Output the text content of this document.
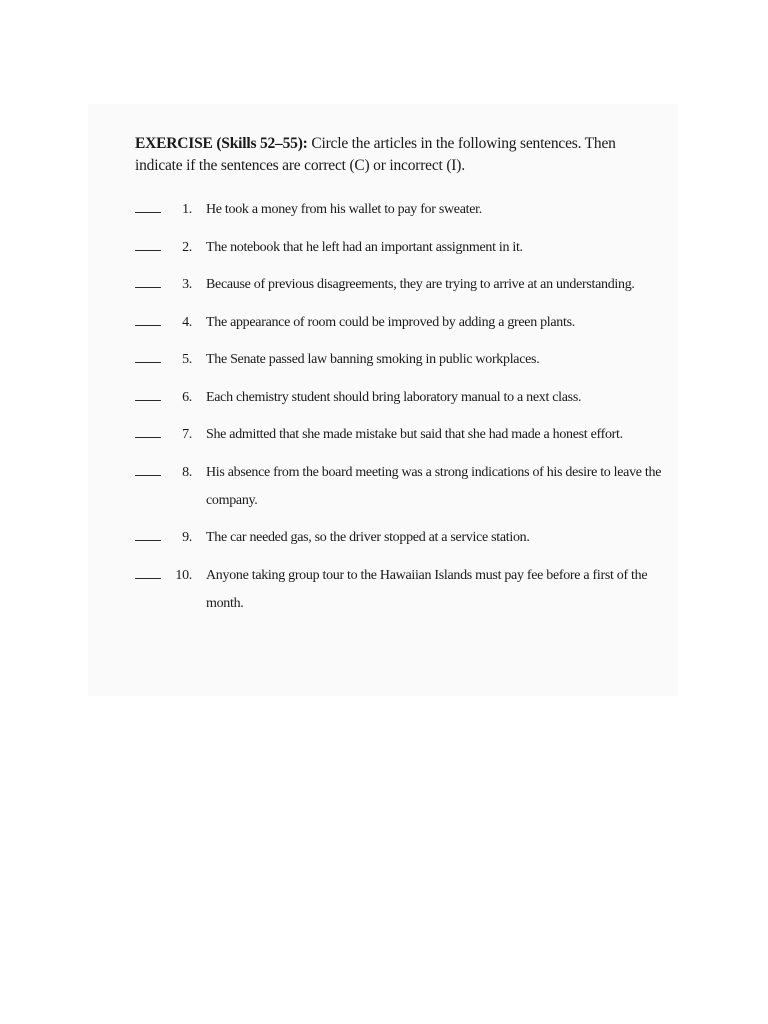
EXERCISE (Skills 52–55): Circle the articles in the following sentences. Then indicate if the sentences are correct (C) or incorrect (I).
1. He took a money from his wallet to pay for sweater.
2. The notebook that he left had an important assignment in it.
3. Because of previous disagreements, they are trying to arrive at an understanding.
4. The appearance of room could be improved by adding a green plants.
5. The Senate passed law banning smoking in public workplaces.
6. Each chemistry student should bring laboratory manual to a next class.
7. She admitted that she made mistake but said that she had made a honest effort.
8. His absence from the board meeting was a strong indications of his desire to leave the company.
9. The car needed gas, so the driver stopped at a service station.
10. Anyone taking group tour to the Hawaiian Islands must pay fee before a first of the month.
